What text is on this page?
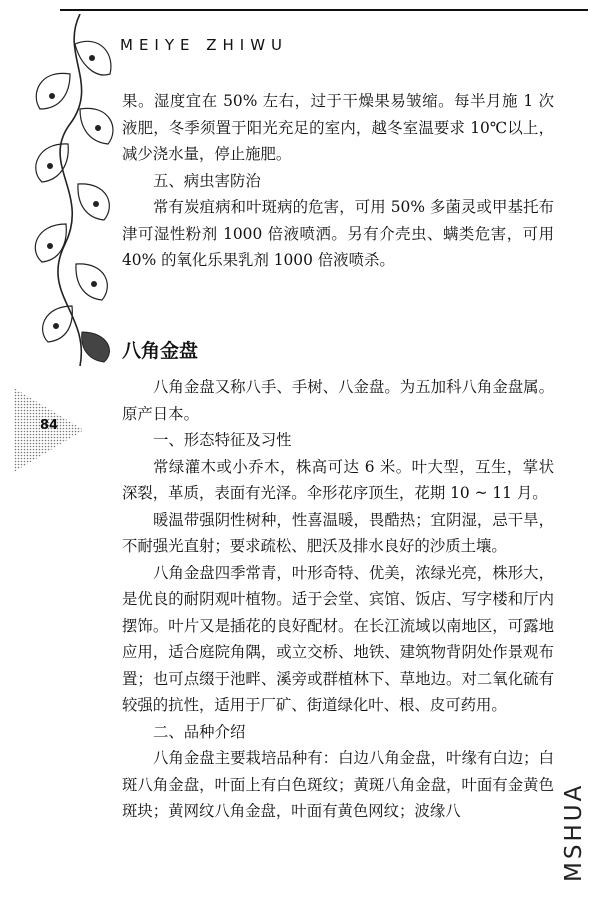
MEIYE ZHIWU
84

果。湿度宜在 50% 左右，过于干燥果易皱缩。每半月施 1 次液肥，冬季须置于阳光充足的室内，越冬室温要求 10℃以上，减少浇水量，停止施肥。

五、病虫害防治

常有炭疽病和叶斑病的危害，可用 50% 多菌灵或甲基托布津可湿性粉剂 1000 倍液喷洒。另有介壳虫、螨类危害，可用 40% 的氧化乐果乳剂 1000 倍液喷杀。

八角金盘

八角金盘又称八手、手树、八金盘。为五加科八角金盘属。原产日本。

一、形态特征及习性

常绿灌木或小乔木，株高可达 6 米。叶大型，互生，掌状深裂，革质，表面有光泽。伞形花序顶生，花期 10 ~ 11 月。

暖温带强阴性树种，性喜温暖，畏酷热；宜阴湿，忌干旱，不耐强光直射；要求疏松、肥沃及排水良好的沙质土壤。

八角金盘四季常青，叶形奇特、优美，浓绿光亮，株形大，是优良的耐阴观叶植物。适于会堂、宾馆、饭店、写字楼和厅内摆饰。叶片又是插花的良好配材。在长江流域以南地区，可露地应用，适合庭院角隅，或立交桥、地铁、建筑物背阴处作景观布置；也可点缀于池畔、溪旁或群植林下、草地边。对二氧化硫有较强的抗性，适用于厂矿、街道绿化叶、根、皮可药用。

二、品种介绍

八角金盘主要栽培品种有：白边八角金盘，叶缘有白边；白斑八角金盘，叶面上有白色斑纹；黄斑八角金盘，叶面有金黄色斑块；黄网纹八角金盘，叶面有黄色网纹；波缘八	MSHUA
